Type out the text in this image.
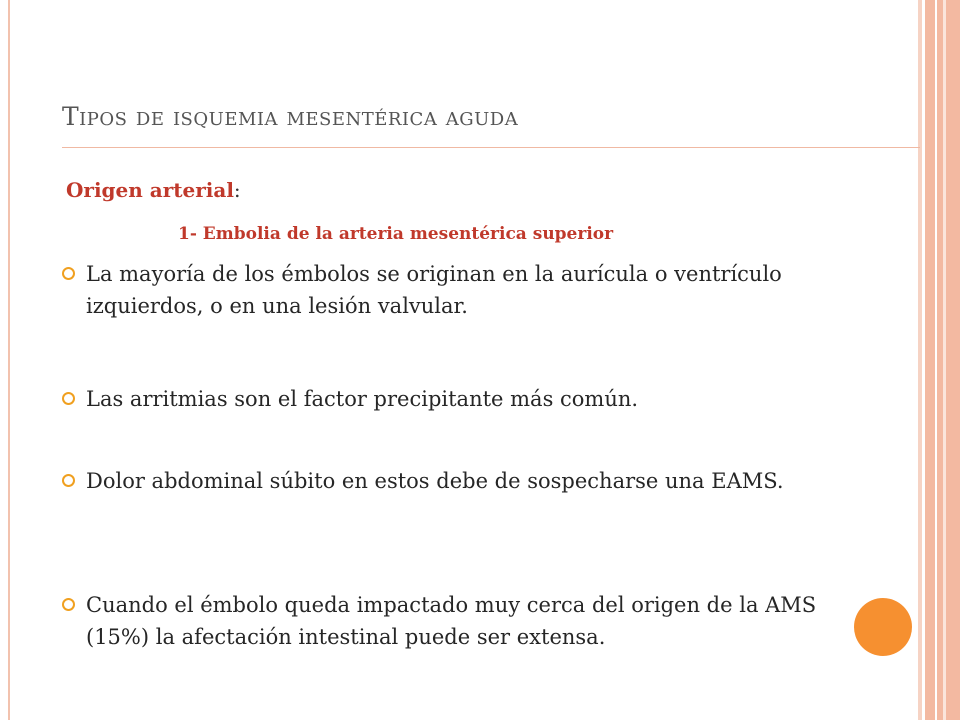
Tipos de isquemia mesentérica aguda
Origen arterial:
1- Embolia de la arteria mesentérica superior
La mayoría de los émbolos se originan en la aurícula o ventrículo izquierdos, o en una lesión valvular.
Las arritmias son el factor precipitante más común.
Dolor abdominal súbito en estos debe de sospecharse una EAMS.
Cuando el émbolo queda impactado muy cerca del origen de la AMS (15%) la afectación intestinal puede ser extensa.
